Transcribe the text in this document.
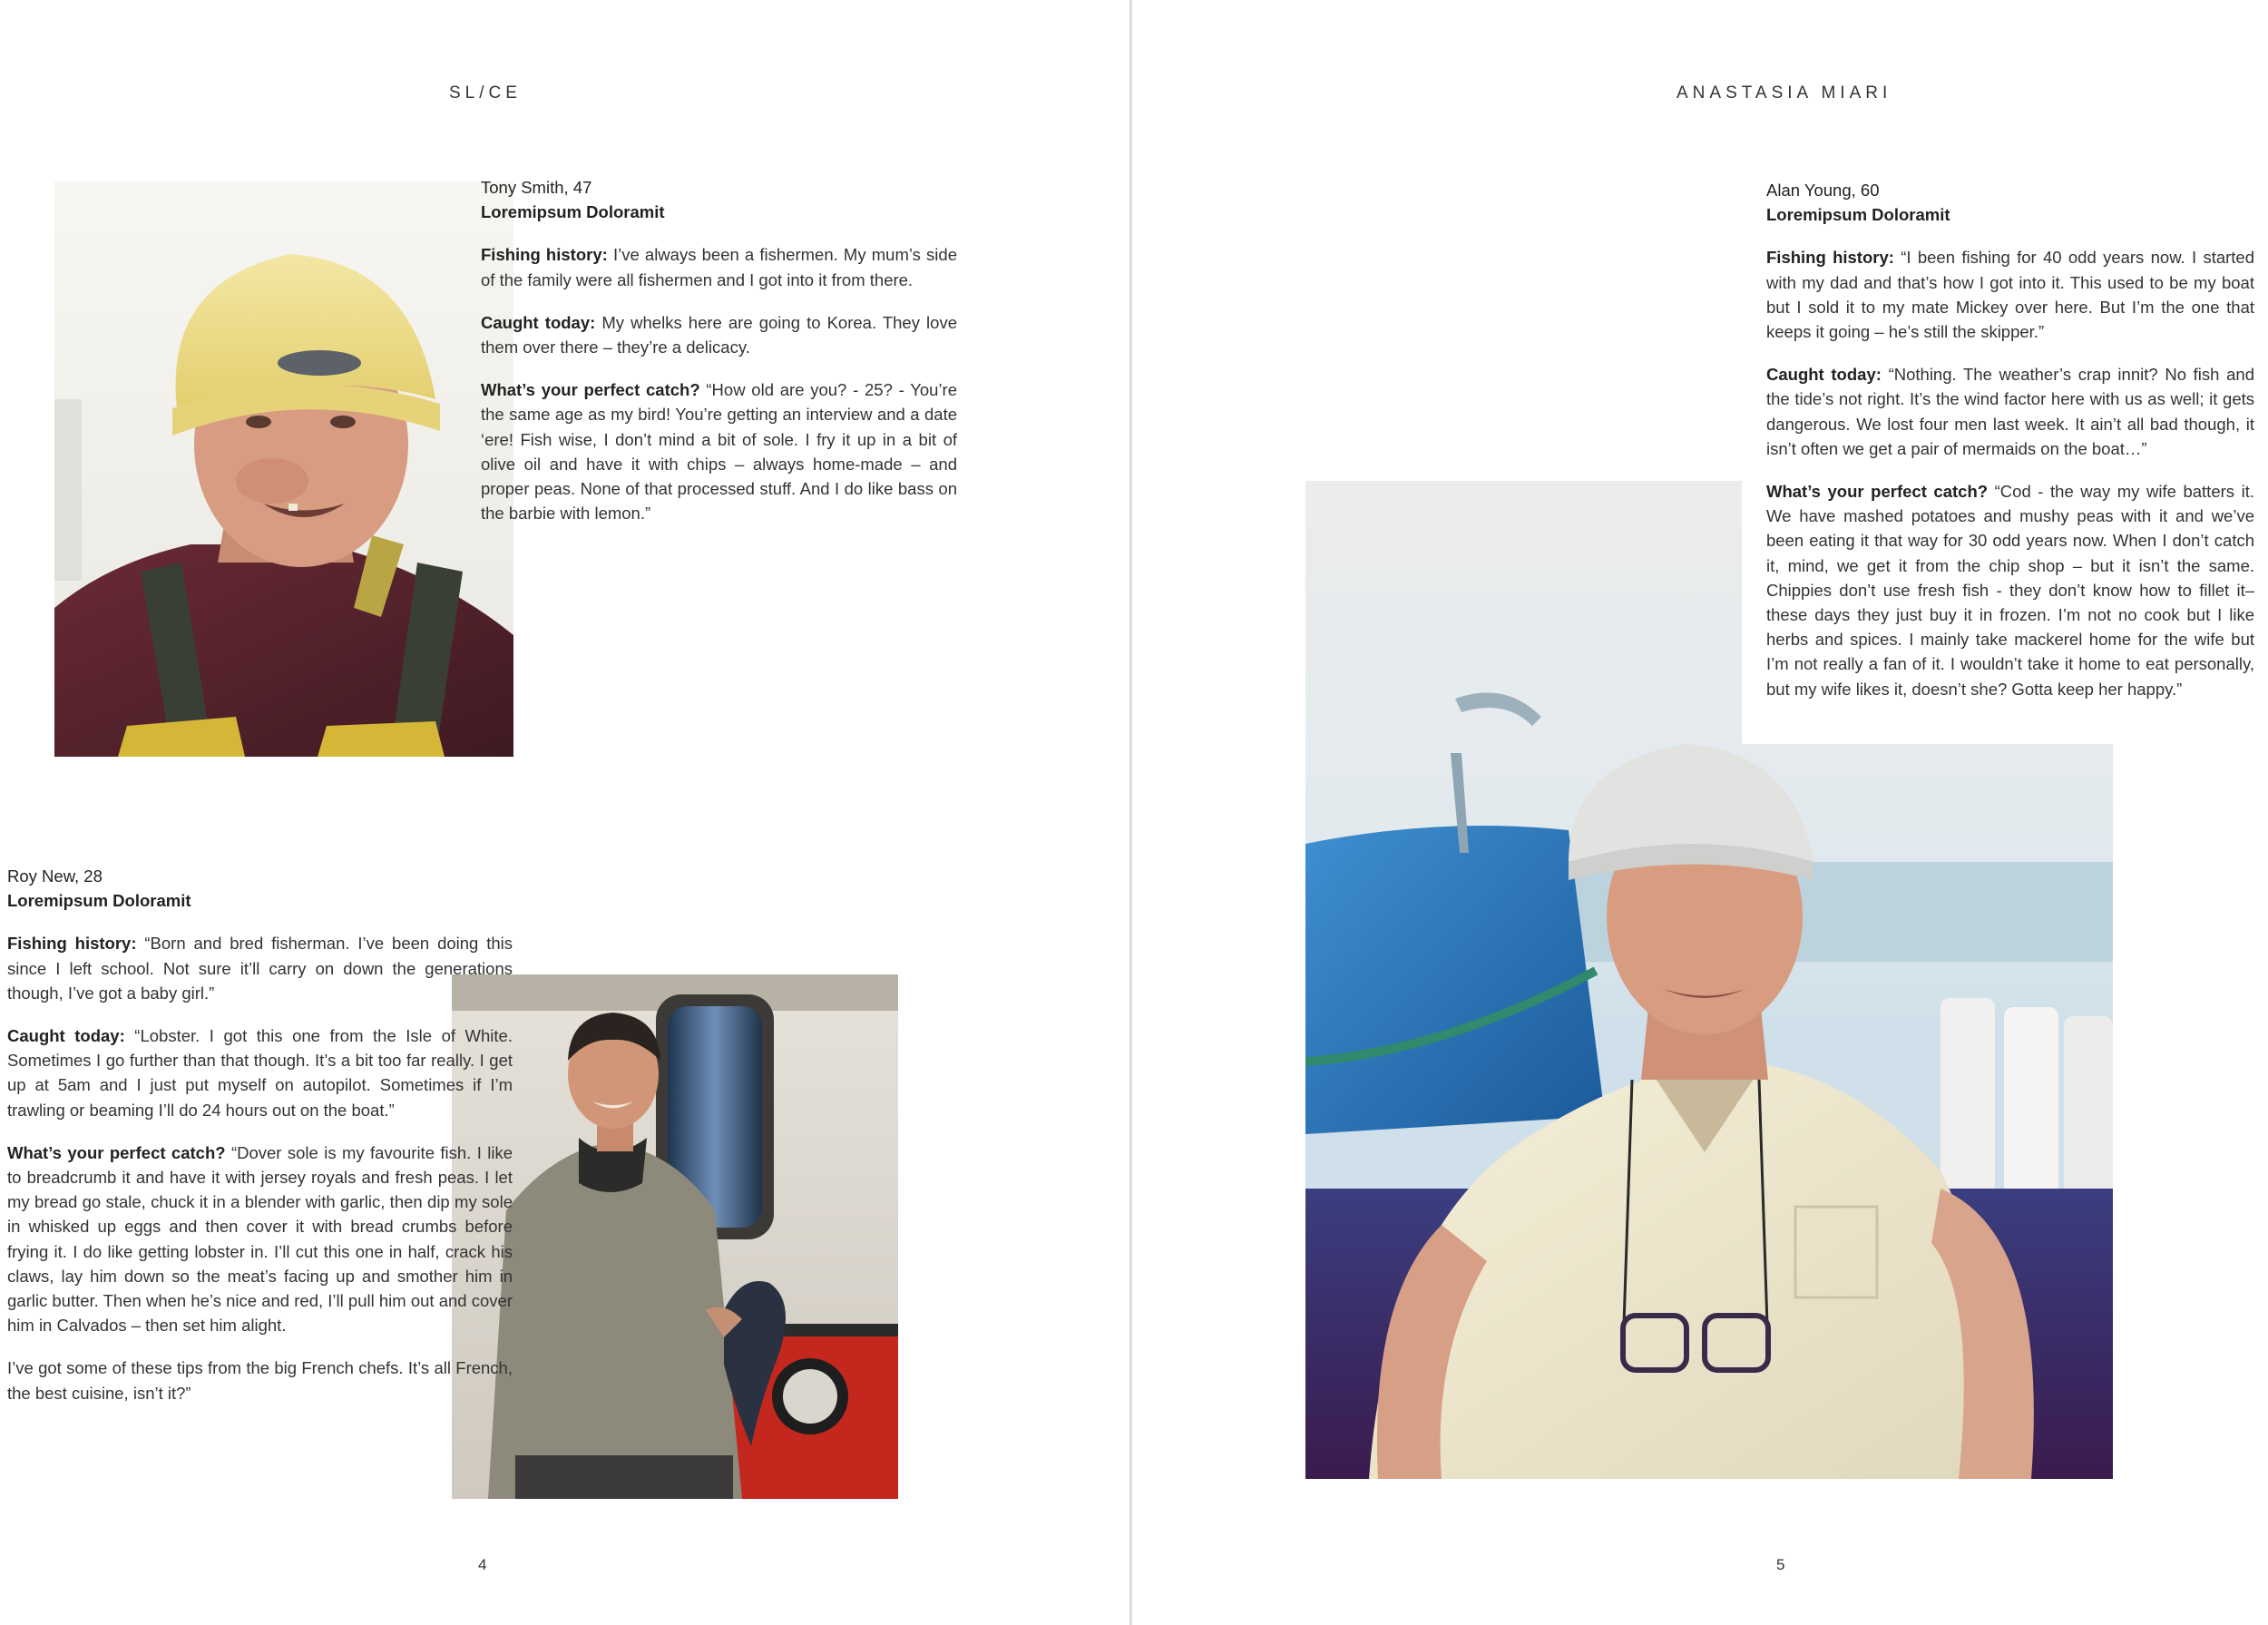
SL/CE
Tony Smith, 47
Loremipsum Doloramit

Fishing history: I’ve always been a fishermen. My mum’s side of the family were all fishermen and I got into it from there.

Caught today: My whelks here are going to Korea. They love them over there – they’re a delicacy.

What’s your perfect catch? “How old are you? - 25? - You’re the same age as my bird! You’re getting an interview and a date ‘ere! Fish wise, I don’t mind a bit of sole. I fry it up in a bit of olive oil and have it with chips – always home-made – and proper peas. None of that processed stuff. And I do like bass on the barbie with lemon.”

Roy New, 28
Loremipsum Doloramit

Fishing history: “Born and bred fisherman. I’ve been doing this since I left school. Not sure it’ll carry on down the generations though, I’ve got a baby girl.”

Caught today: “Lobster. I got this one from the Isle of White. Sometimes I go further than that though. It’s a bit too far really. I get up at 5am and I just put myself on autopilot. Sometimes if I’m trawling or beaming I’ll do 24 hours out on the boat.”

What’s your perfect catch? “Dover sole is my favourite fish. I like to breadcrumb it and have it with jersey royals and fresh peas. I let my bread go stale, chuck it in a blender with garlic, then dip my sole in whisked up eggs and then cover it with bread crumbs before frying it. I do like getting lobster in. I’ll cut this one in half, crack his claws, lay him down so the meat’s facing up and smother him in garlic butter. Then when he’s nice and red, I’ll pull him out and cover him in Calvados – then set him alight.

I’ve got some of these tips from the big French chefs. It’s all French, the best cuisine, isn’t it?”

4
ANASTASIA MIARI
Alan Young, 60
Loremipsum Doloramit

Fishing history: “I been fishing for 40 odd years now. I started with my dad and that’s how I got into it. This used to be my boat but I sold it to my mate Mickey over here. But I’m the one that keeps it going – he’s still the skipper.”

Caught today: “Nothing. The weather’s crap innit? No fish and the tide’s not right. It’s the wind factor here with us as well; it gets dangerous. We lost four men last week. It ain’t all bad though, it isn’t often we get a pair of mermaids on the boat…”

What’s your perfect catch? “Cod - the way my wife batters it. We have mashed potatoes and mushy peas with it and we’ve been eating it that way for 30 odd years now. When I don’t catch it, mind, we get it from the chip shop – but it isn’t the same. Chippies don’t use fresh fish - they don’t know how to fillet it– these days they just buy it in frozen. I’m not no cook but I like herbs and spices. I mainly take mackerel home for the wife but I’m not really a fan of it. I wouldn’t take it home to eat personally, but my wife likes it, doesn’t she? Gotta keep her happy.”

5
